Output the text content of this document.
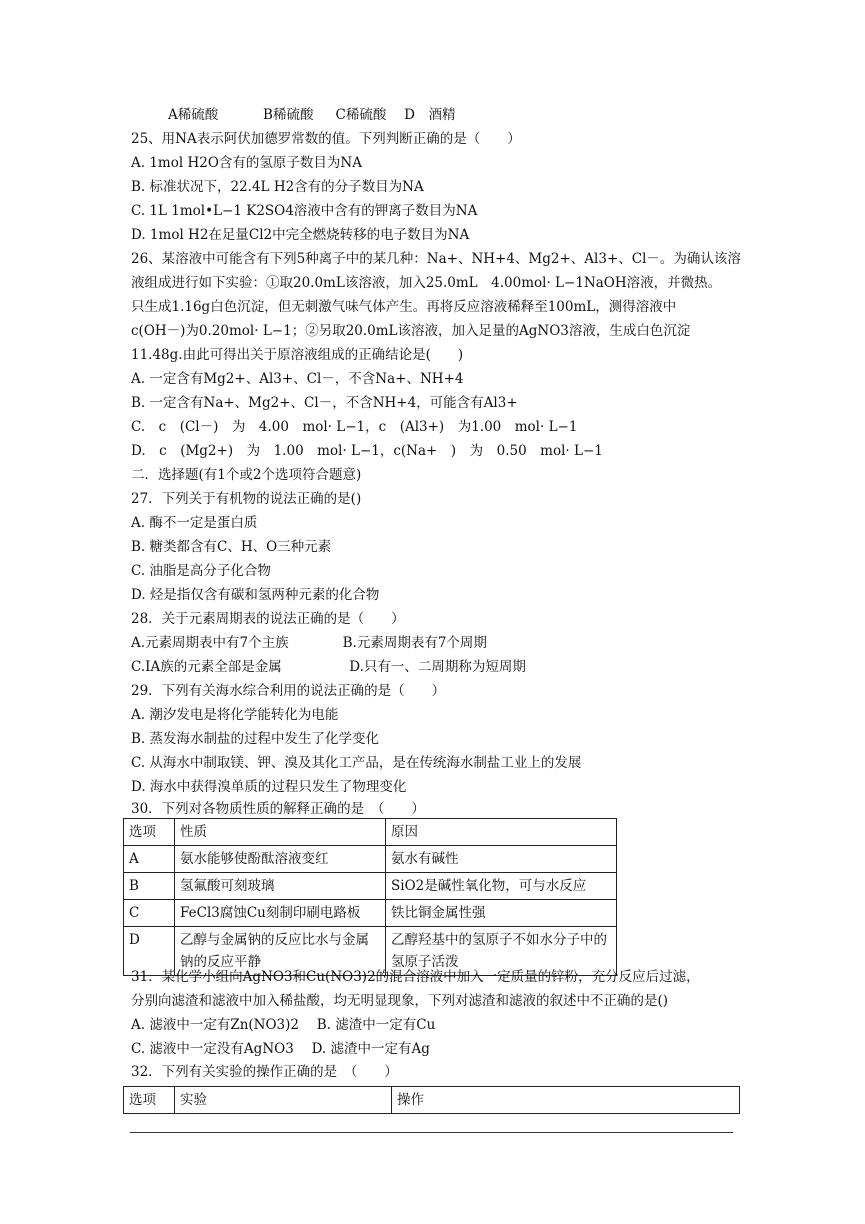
A稀硫酸 　　　B稀硫酸 　 C稀硫酸　 D　酒精
25、用NA表示阿伏加德罗常数的值。下列判断正确的是（　　）
A. 1mol H2O含有的氢原子数目为NA
B. 标准状况下，22.4L H2含有的分子数目为NA
C. 1L 1mol•L−1 K2SO4溶液中含有的钾离子数目为NA
D. 1mol H2在足量Cl2中完全燃烧转移的电子数目为NA
26、某溶液中可能含有下列5种离子中的某几种：Na+、NH+4、Mg2+、Al3+、Cl－。为确认该溶
液组成进行如下实验：①取20.0mL该溶液，加入25.0mL　4.00mol· L−1NaOH溶液，并微热。
只生成1.16g白色沉淀，但无刺激气味气体产生。再将反应溶液稀释至100mL，测得溶液中
c(OH－)为0.20mol· L−1；②另取20.0mL该溶液，加入足量的AgNO3溶液，生成白色沉淀
11.48g.由此可得出关于原溶液组成的正确结论是(　　)
A. 一定含有Mg2+、Al3+、Cl－，不含Na+、NH+4
B. 一定含有Na+、Mg2+、Cl－，不含NH+4，可能含有Al3+
C.　c　(Cl－)　为　4.00　mol· L−1，c　(Al3+)　为1.00　mol· L−1
D.　c　(Mg2+)　为　1.00　mol· L−1，c(Na+　)　为　0.50　mol· L−1
二．选择题(有1个或2个选项符合题意)
27．下列关于有机物的说法正确的是()
A. 酶不一定是蛋白质
B. 糖类都含有C、H、O三种元素
C. 油脂是高分子化合物
D. 烃是指仅含有碳和氢两种元素的化合物
28．关于元素周期表的说法正确的是（　　）
A.元素周期表中有7个主族　　　　B.元素周期表有7个周期
C.IA族的元素全部是金属　　　　　D.只有一、二周期称为短周期
29．下列有关海水综合利用的说法正确的是（　　）
A. 潮汐发电是将化学能转化为电能
B. 蒸发海水制盐的过程中发生了化学变化
C. 从海水中制取镁、钾、溴及其化工产品，是在传统海水制盐工业上的发展
D. 海水中获得溴单质的过程只发生了物理变化
30．下列对各物质性质的解释正确的是　（　　）
选项	性质	原因
A	氨水能够使酚酞溶液变红	氨水有碱性
B	氢氟酸可刻玻璃	SiO2是碱性氧化物，可与水反应
C	FeCl3腐蚀Cu刻制印刷电路板	铁比铜金属性强
D	乙醇与金属钠的反应比水与金属钠的反应平静	乙醇羟基中的氢原子不如水分子中的氢原子活泼
31．某化学小组向AgNO3和Cu(NO3)2的混合溶液中加入一定质量的锌粉，充分反应后过滤，
分别向滤渣和滤液中加入稀盐酸，均无明显现象，下列对滤渣和滤液的叙述中不正确的是()
A. 滤液中一定有Zn(NO3)2　 B. 滤渣中一定有Cu
C. 滤液中一定没有AgNO3　 D. 滤渣中一定有Ag
32．下列有关实验的操作正确的是　（　　）
选项	实验	操作
